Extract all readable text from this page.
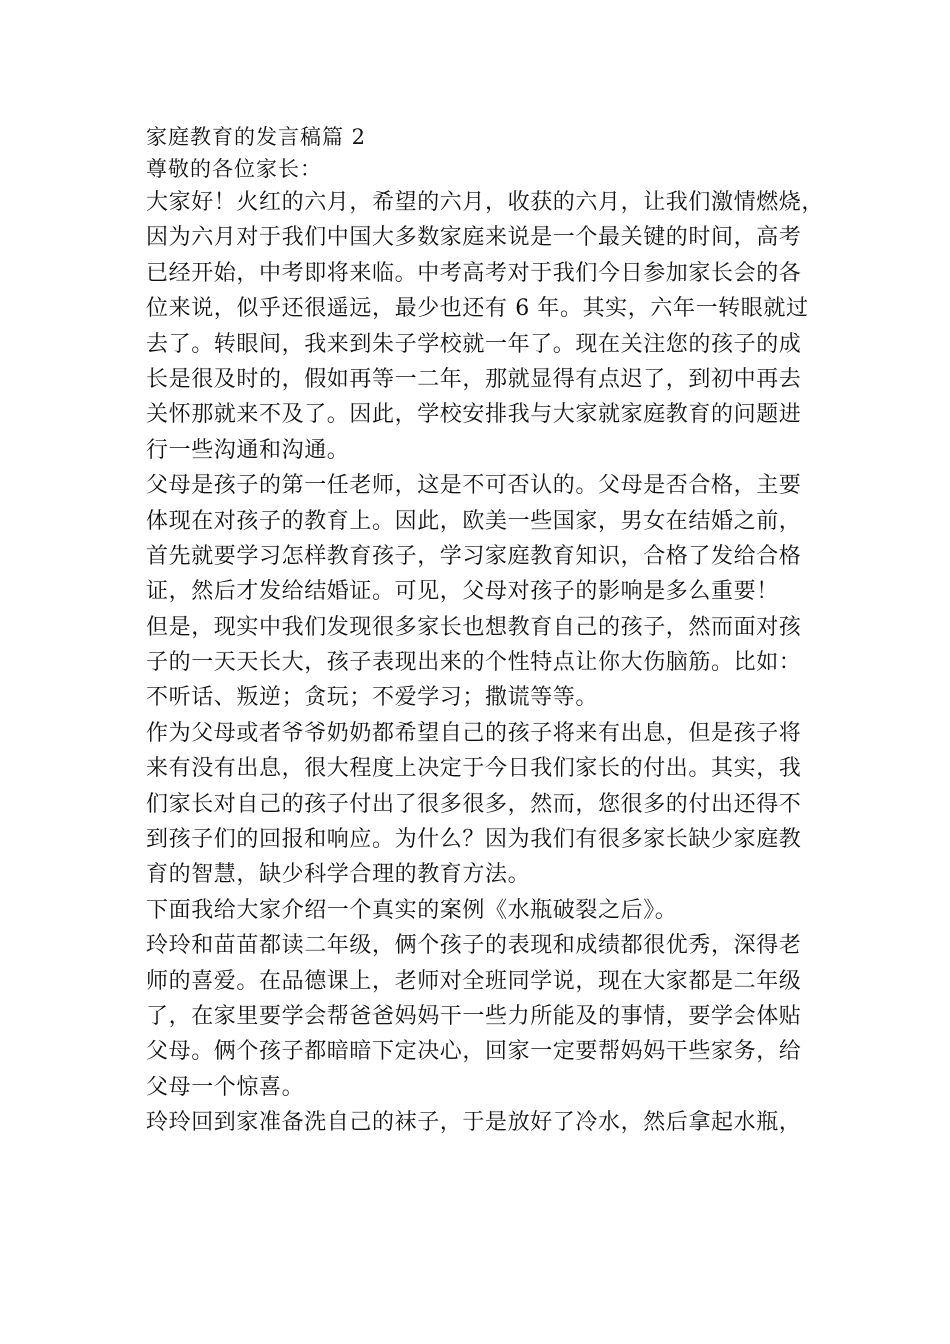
家庭教育的发言稿篇 2
尊敬的各位家长：
大家好！火红的六月，希望的六月，收获的六月，让我们激情燃烧，
因为六月对于我们中国大多数家庭来说是一个最关键的时间，高考
已经开始，中考即将来临。中考高考对于我们今日参加家长会的各
位来说，似乎还很遥远，最少也还有 6 年。其实，六年一转眼就过
去了。转眼间，我来到朱子学校就一年了。现在关注您的孩子的成
长是很及时的，假如再等一二年，那就显得有点迟了，到初中再去
关怀那就来不及了。因此，学校安排我与大家就家庭教育的问题进
行一些沟通和沟通。
父母是孩子的第一任老师，这是不可否认的。父母是否合格，主要
体现在对孩子的教育上。因此，欧美一些国家，男女在结婚之前，
首先就要学习怎样教育孩子，学习家庭教育知识，合格了发给合格
证，然后才发给结婚证。可见，父母对孩子的影响是多么重要！
但是，现实中我们发现很多家长也想教育自己的孩子，然而面对孩
子的一天天长大，孩子表现出来的个性特点让你大伤脑筋。比如：
不听话、叛逆；贪玩；不爱学习；撒谎等等。
作为父母或者爷爷奶奶都希望自己的孩子将来有出息，但是孩子将
来有没有出息，很大程度上决定于今日我们家长的付出。其实，我
们家长对自己的孩子付出了很多很多，然而，您很多的付出还得不
到孩子们的回报和响应。为什么？因为我们有很多家长缺少家庭教
育的智慧，缺少科学合理的教育方法。
下面我给大家介绍一个真实的案例《水瓶破裂之后》。
玲玲和苗苗都读二年级，俩个孩子的表现和成绩都很优秀，深得老
师的喜爱。在品德课上，老师对全班同学说，现在大家都是二年级
了，在家里要学会帮爸爸妈妈干一些力所能及的事情，要学会体贴
父母。俩个孩子都暗暗下定决心，回家一定要帮妈妈干些家务，给
父母一个惊喜。
玲玲回到家准备洗自己的袜子，于是放好了冷水，然后拿起水瓶，
